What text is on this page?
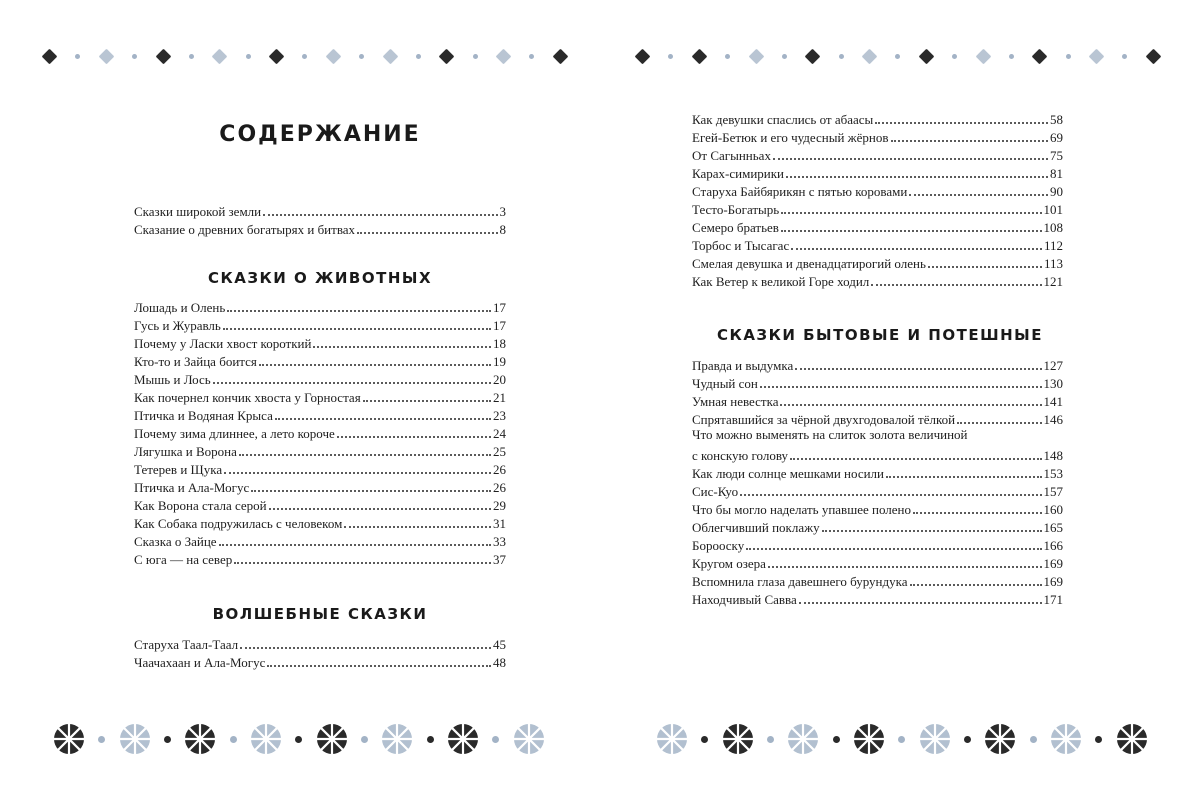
СОДЕРЖАНИЕ
Сказки широкой земли	3
Сказание о древних богатырях и битвах	8
СКАЗКИ О ЖИВОТНЫХ
Лошадь и Олень	17
Гусь и Журавль	17
Почему у Ласки хвост короткий	18
Кто-то и Зайца боится	19
Мышь и Лось	20
Как почернел кончик хвоста у Горностая	21
Птичка и Водяная Крыса	23
Почему зима длиннее, а лето короче	24
Лягушка и Ворона	25
Тетерев и Щука	26
Птичка и Ала-Могус	26
Как Ворона стала серой	29
Как Собака подружилась с человеком	31
Сказка о Зайце	33
С юга — на север	37
ВОЛШЕБНЫЕ СКАЗКИ
Старуха Таал-Таал	45
Чаачахаан и Ала-Могус	48
Как девушки спаслись от абаасы	58
Егей-Бетюк и его чудесный жёрнов	69
От Сагынньах	75
Карах-симирики	81
Старуха Байбярикян с пятью коровами	90
Тесто-Богатырь	101
Семеро братьев	108
Торбос и Тысагас	112
Смелая девушка и двенадцатирогий олень	113
Как Ветер к великой Горе ходил	121
СКАЗКИ БЫТОВЫЕ И ПОТЕШНЫЕ
Правда и выдумка	127
Чудный сон	130
Умная невестка	141
Спрятавшийся за чёрной двухгодовалой тёлкой	146
Что можно выменять на слиток золота величиной
с конскую голову	148
Как люди солнце мешками носили	153
Сис-Куо	157
Что бы могло наделать упавшее полено	160
Облегчивший поклажу	165
Борооску	166
Кругом озера	169
Вспомнила глаза давешнего бурундука	169
Находчивый Савва	171
